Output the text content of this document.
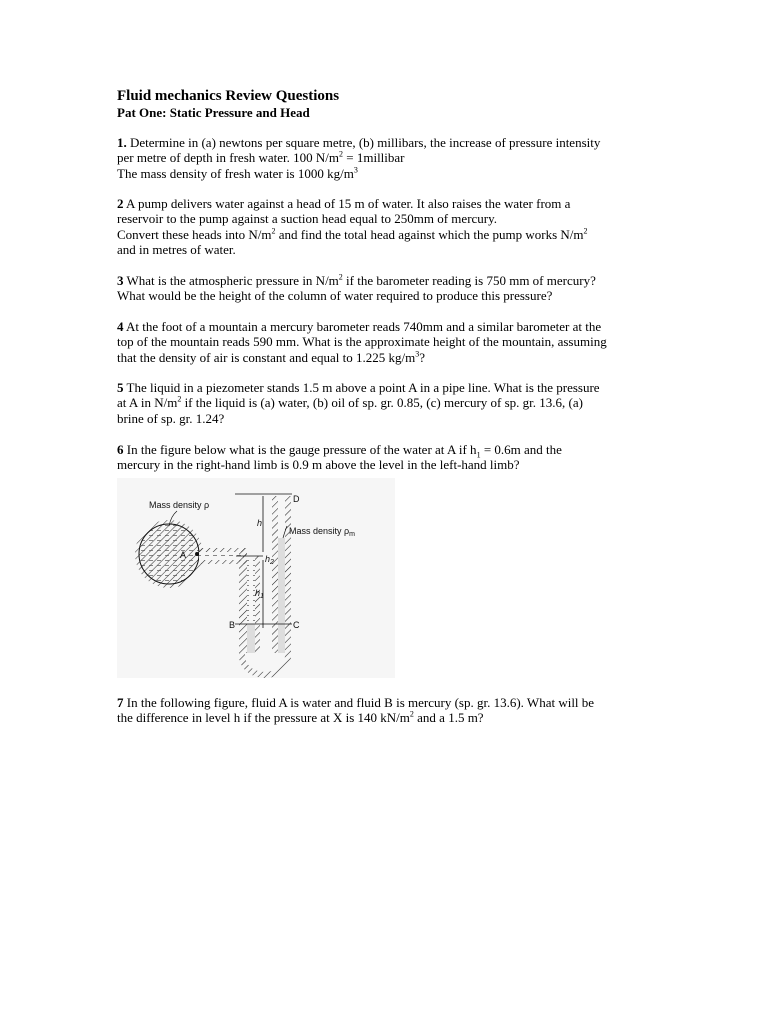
Fluid mechanics Review Questions
Pat One: Static Pressure and Head
1. Determine in (a) newtons per square metre, (b) millibars, the increase of pressure intensity
per metre of depth in fresh water. 100 $N/m^2$ = 1millibar
The mass density of fresh water is 1000 $kg/m^3$
2 A pump delivers water against a head of 15 m of water. It also raises the water from a
reservoir to the pump against a suction head equal to 250mm of mercury.
Convert these heads into $N/m^2$ and find the total head against which the pump works $N/m^2$
and in metres of water.
3 What is the atmospheric pressure in $N/m^2$ if the barometer reading is 750 mm of mercury?
What would be the height of the column of water required to produce this pressure?
4 At the foot of a mountain a mercury barometer reads 740mm and a similar barometer at the
top of the mountain reads 590 mm. What is the approximate height of the mountain, assuming
that the density of air is constant and equal to 1.225 $kg/m^3$?
5 The liquid in a piezometer stands 1.5 m above a point A in a pipe line. What is the pressure
at A in $N/m^2$ if the liquid is (a) water, (b) oil of sp. gr. 0.85, (c) mercury of sp. gr. 13.6, (a)
brine of sp. gr. 1.24?
6 In the figure below what is the gauge pressure of the water at A if $h_1 = 0.6m$ and the
mercury in the right-hand limb is 0.9 m above the level in the left-hand limb?
Mass density ρ
A
B	C
D
Mass density $\rho_m$
h
$h_2$
$h_1$
7 In the following figure, fluid A is water and fluid B is mercury (sp. gr. 13.6). What will be
the difference in level h if the pressure at X is 140 $kN/m^2$ and a 1.5 m?
